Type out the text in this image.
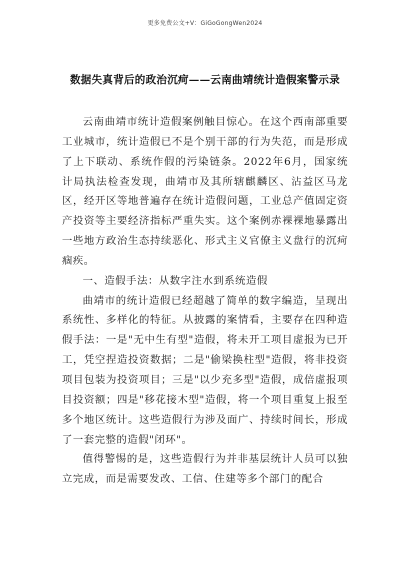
更多免费公文+V：GiGoGongWen2024
数据失真背后的政治沉疴——云南曲靖统计造假案警示录

云南曲靖市统计造假案例触目惊心。在这个西南部重要工业城市，统计造假已不是个别干部的行为失范，而是形成了上下联动、系统作假的污染链条。2022年6月，国家统计局执法检查发现，曲靖市及其所辖麒麟区、沾益区马龙区，经开区等地普遍存在统计造假问题，工业总产值固定资产投资等主要经济指标严重失实。这个案例赤裸裸地暴露出一些地方政治生态持续恶化、形式主义官僚主义盘行的沉疴痼疾。

一、造假手法：从数字注水到系统造假

曲靖市的统计造假已经超越了简单的数字编造，呈现出系统性、多样化的特征。从披露的案情看，主要存在四种造假手法：一是"无中生有型"造假，将未开工项目虚报为已开工，凭空捏造投资数据；二是"偷梁换柱型"造假，将非投资项目包装为投资项目；三是"以少充多型"造假，成倍虚报项目投资额；四是"移花接木型"造假，将一个项目重复上报至多个地区统计。这些造假行为涉及面广、持续时间长，形成了一套完整的造假"闭环"。

值得警惕的是，这些造假行为并非基层统计人员可以独立完成，而是需要发改、工信、住建等多个部门的配合
